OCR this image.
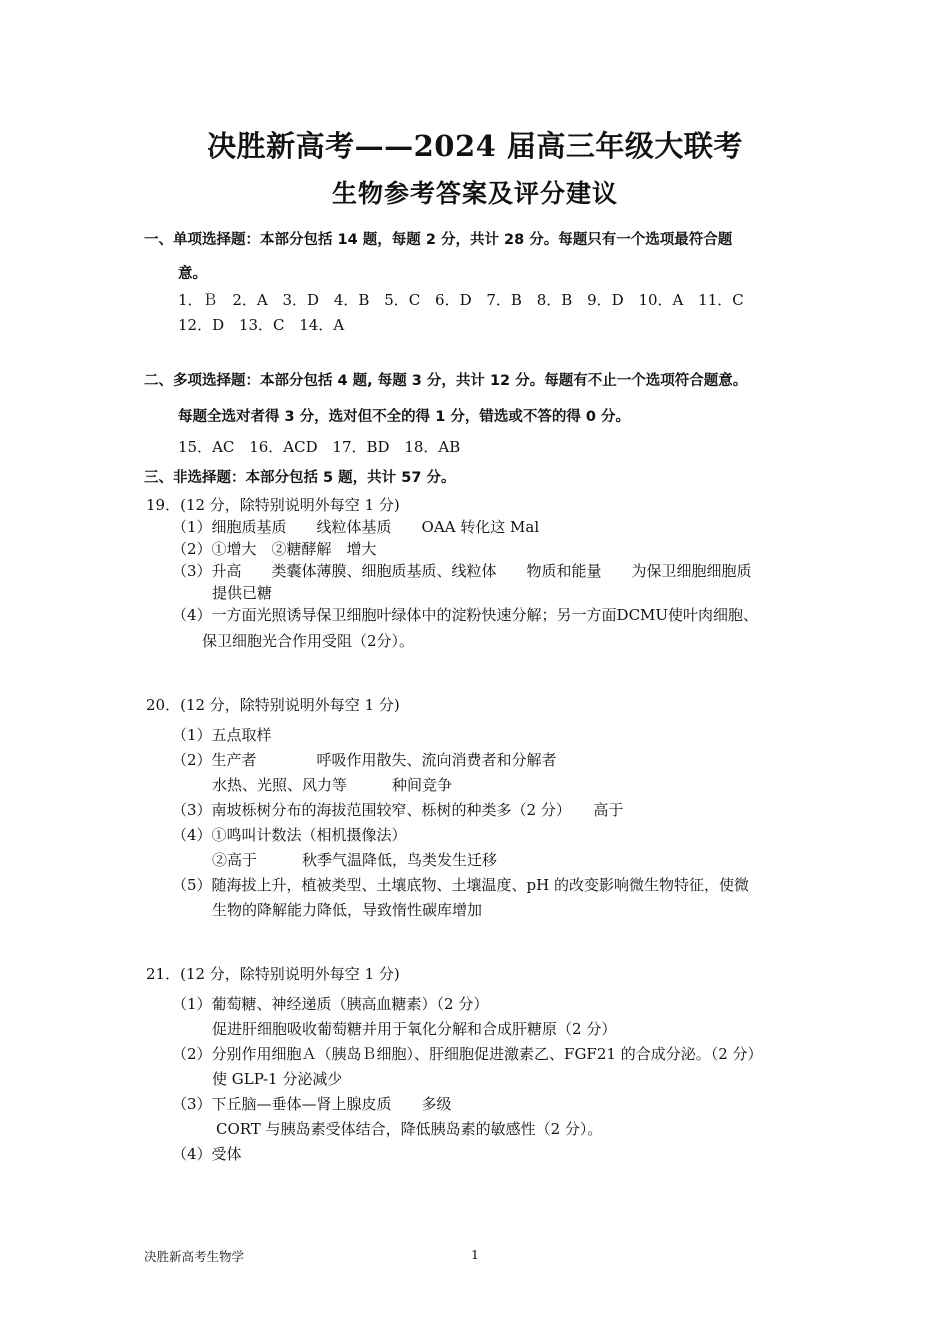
决胜新高考——2024 届高三年级大联考
生物参考答案及评分建议
一、单项选择题：本部分包括 14 题，每题 2 分，共计 28 分。每题只有一个选项最符合题
意。
1．Ｂ 2．A 3．D 4．B 5．C 6．D 7．B 8．B 9．D 10．A 11．C
12．D 13．C 14．A
二、多项选择题：本部分包括 4 题, 每题 3 分，共计 12 分。每题有不止一个选项符合题意。
每题全选对者得 3 分，选对但不全的得 1 分，错选或不答的得 0 分。
15．AC 16．ACD 17．BD 18．AB
三、非选择题：本部分包括 5 题，共计 57 分。
19．(12 分，除特别说明外每空 1 分)
（1）细胞质基质　　线粒体基质　　OAA 转化这 Mal
（2）①增大　②糖酵解　增大
（3）升高　　类囊体薄膜、细胞质基质、线粒体　　物质和能量　　为保卫细胞细胞质
提供已糖
（4）一方面光照诱导保卫细胞叶绿体中的淀粉快速分解；另一方面DCMU使叶肉细胞、
保卫细胞光合作用受阻（2分）。
20．(12 分，除特别说明外每空 1 分)
（1）五点取样
（2）生产者　　　　呼吸作用散失、流向消费者和分解者
水热、光照、风力等　　　种间竞争
（3）南坡栎树分布的海拔范围较窄、栎树的种类多（2 分）　　高于
（4）①鸣叫计数法（相机摄像法）
②高于　　　秋季气温降低，鸟类发生迁移
（5）随海拔上升，植被类型、土壤底物、土壤温度、pH 的改变影响微生物特征，使微
生物的降解能力降低，导致惰性碳库增加
21．(12 分，除特别说明外每空 1 分)
（1）葡萄糖、神经递质（胰高血糖素）（2 分）
促进肝细胞吸收葡萄糖并用于氧化分解和合成肝糖原（2 分）
（2）分别作用细胞Ａ（胰岛Ｂ细胞）、肝细胞促进激素乙、FGF21 的合成分泌。（2 分）
使 GLP-1 分泌减少
（3）下丘脑—垂体—肾上腺皮质　　多级
CORT 与胰岛素受体结合，降低胰岛素的敏感性（2 分）。
（4）受体
决胜新高考生物学	1
